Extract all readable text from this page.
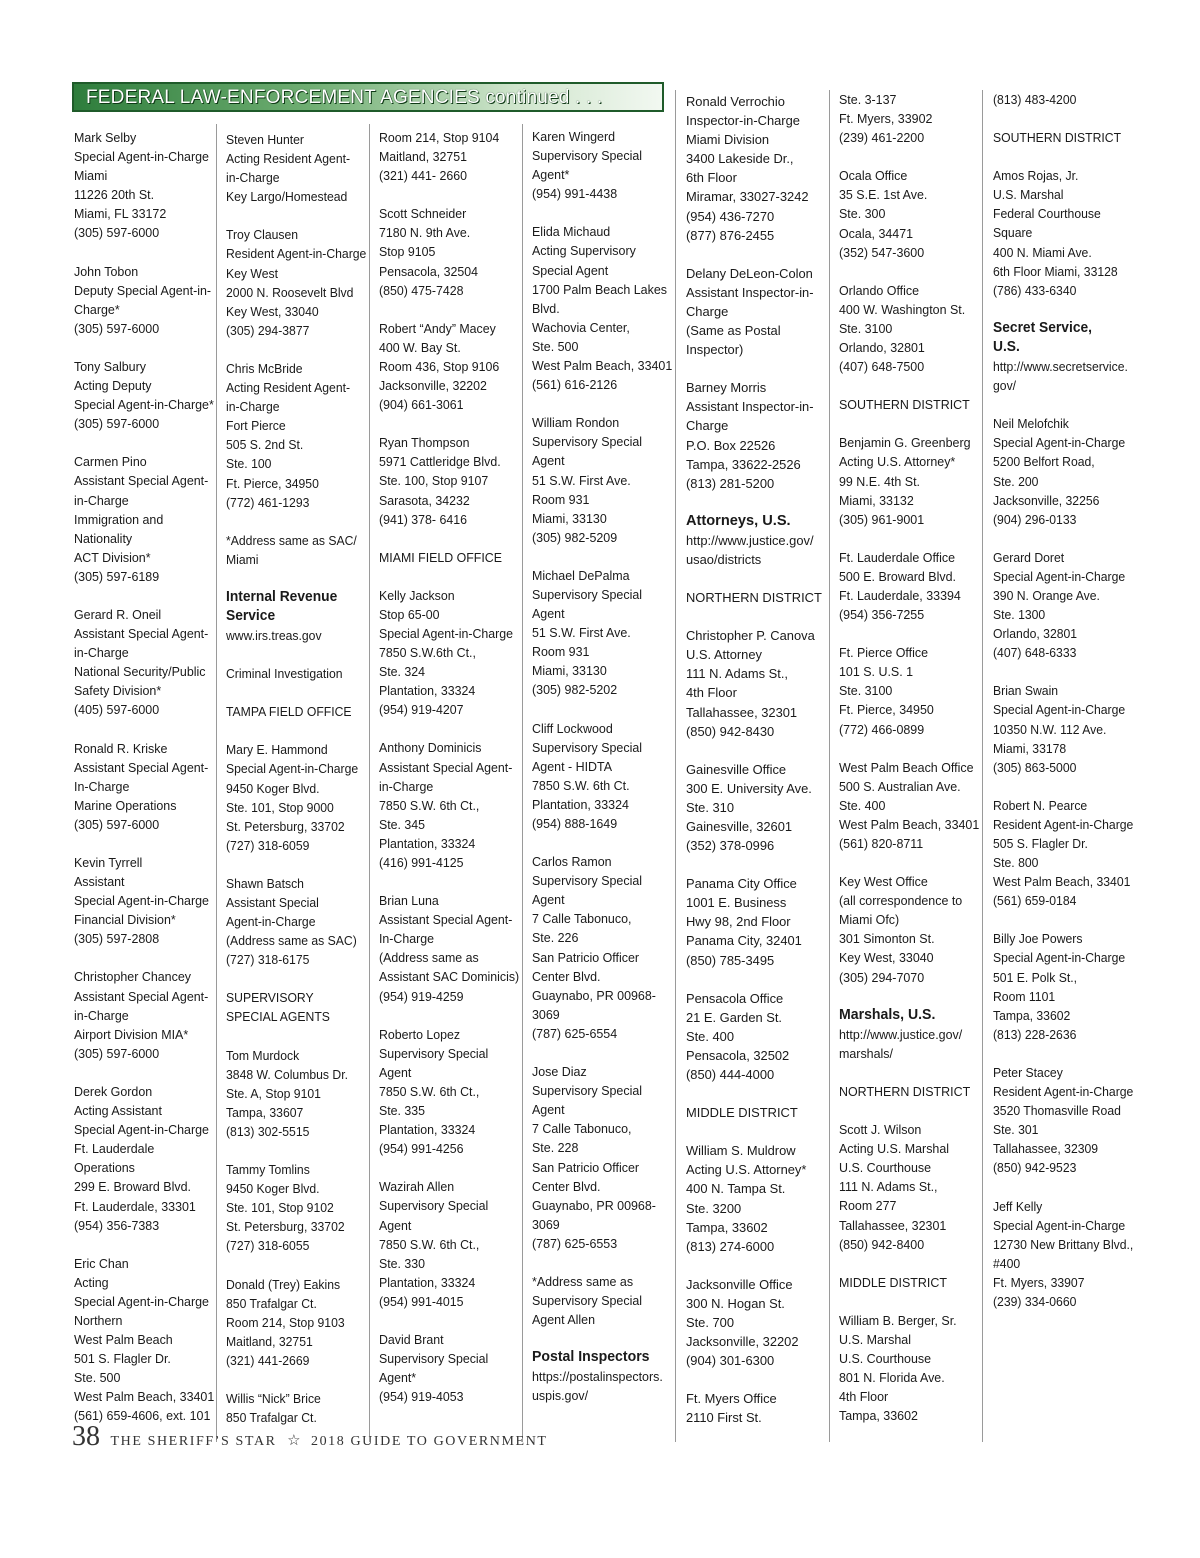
FEDERAL LAW-ENFORCEMENT AGENCIES continued . . .
Mark Selby
Special Agent-in-Charge
Miami
11226 20th St.
Miami, FL 33172
(305) 597-6000
John Tobon
Deputy Special Agent-in-
Charge*
(305) 597-6000
Tony Salbury
Acting Deputy
Special Agent-in-Charge*
(305) 597-6000
Carmen Pino
Assistant Special Agent-
in-Charge
Immigration and
Nationality
ACT Division*
(305) 597-6189
Gerard R. Oneil
Assistant Special Agent-
in-Charge
National Security/Public
Safety Division*
(405) 597-6000
Ronald R. Kriske
Assistant Special Agent-
In-Charge
Marine Operations
(305) 597-6000
Kevin Tyrrell
Assistant
Special Agent-in-Charge
Financial Division*
(305) 597-2808
Christopher Chancey
Assistant Special Agent-
in-Charge
Airport Division MIA*
(305) 597-6000
Derek Gordon
Acting Assistant
Special Agent-in-Charge
Ft. Lauderdale
Operations
299 E. Broward Blvd.
Ft. Lauderdale, 33301
(954) 356-7383
Eric Chan
Acting
Special Agent-in-Charge
Northern
West Palm Beach
501 S. Flagler Dr.
Ste. 500
West Palm Beach, 33401
(561) 659-4606, ext. 101
Steven Hunter
Acting Resident Agent-
in-Charge
Key Largo/Homestead
Troy Clausen
Resident Agent-in-Charge
Key West
2000 N. Roosevelt Blvd
Key West, 33040
(305) 294-3877
Chris McBride
Acting Resident Agent-
in-Charge
Fort Pierce
505 S. 2nd St.
Ste. 100
Ft. Pierce, 34950
(772) 461-1293
*Address same as SAC/
Miami
Internal Revenue
Service
www.irs.treas.gov
Criminal Investigation
TAMPA FIELD OFFICE
Mary E. Hammond
Special Agent-in-Charge
9450 Koger Blvd.
Ste. 101, Stop 9000
St. Petersburg, 33702
(727) 318-6059
Shawn Batsch
Assistant Special
Agent-in-Charge
(Address same as SAC)
(727) 318-6175
SUPERVISORY
SPECIAL AGENTS
Tom Murdock
3848 W. Columbus Dr.
Ste. A, Stop 9101
Tampa, 33607
(813) 302-5515
Tammy Tomlins
9450 Koger Blvd.
Ste. 101, Stop 9102
St. Petersburg, 33702
(727) 318-6055
Donald (Trey) Eakins
850 Trafalgar Ct.
Room 214, Stop 9103
Maitland, 32751
(321) 441-2669
Willis “Nick” Brice
850 Trafalgar Ct.
Room 214, Stop 9104
Maitland, 32751
(321) 441- 2660
Scott Schneider
7180 N. 9th Ave.
Stop 9105
Pensacola, 32504
(850) 475-7428
Robert “Andy” Macey
400 W. Bay St.
Room 436, Stop 9106
Jacksonville, 32202
(904) 661-3061
Ryan Thompson
5971 Cattleridge Blvd.
Ste. 100, Stop 9107
Sarasota, 34232
(941) 378- 6416
MIAMI FIELD OFFICE
Kelly Jackson
Stop 65-00
Special Agent-in-Charge
7850 S.W.6th Ct.,
Ste. 324
Plantation, 33324
(954) 919-4207
Anthony Dominicis
Assistant Special Agent-
in-Charge
7850 S.W. 6th Ct.,
Ste. 345
Plantation, 33324
(416) 991-4125
Brian Luna
Assistant Special Agent-
In-Charge
(Address same as
Assistant SAC Dominicis)
(954) 919-4259
Roberto Lopez
Supervisory Special
Agent
7850 S.W. 6th Ct.,
Ste. 335
Plantation, 33324
(954) 991-4256
Wazirah Allen
Supervisory Special
Agent
7850 S.W. 6th Ct.,
Ste. 330
Plantation, 33324
(954) 991-4015
David Brant
Supervisory Special
Agent*
(954) 919-4053
Karen Wingerd
Supervisory Special
Agent*
(954) 991-4438
Elida Michaud
Acting Supervisory
Special Agent
1700 Palm Beach Lakes
Blvd.
Wachovia Center,
Ste. 500
West Palm Beach, 33401
(561) 616-2126
William Rondon
Supervisory Special
Agent
51 S.W. First Ave.
Room 931
Miami, 33130
(305) 982-5209
Michael DePalma
Supervisory Special
Agent
51 S.W. First Ave.
Room 931
Miami, 33130
(305) 982-5202
Cliff Lockwood
Supervisory Special
Agent - HIDTA
7850 S.W. 6th Ct.
Plantation, 33324
(954) 888-1649
Carlos Ramon
Supervisory Special
Agent
7 Calle Tabonuco,
Ste. 226
San Patricio Officer
Center Blvd.
Guaynabo, PR 00968-
3069
(787) 625-6554
Jose Diaz
Supervisory Special
Agent
7 Calle Tabonuco,
Ste. 228
San Patricio Officer
Center Blvd.
Guaynabo, PR 00968-
3069
(787) 625-6553
*Address same as
Supervisory Special
Agent Allen
Postal Inspectors
https://postalinspectors.
uspis.gov/
Ronald Verrochio
Inspector-in-Charge
Miami Division
3400 Lakeside Dr.,
6th Floor
Miramar, 33027-3242
(954) 436-7270
(877) 876-2455
Delany DeLeon-Colon
Assistant Inspector-in-
Charge
(Same as Postal
Inspector)
Barney Morris
Assistant Inspector-in-
Charge
P.O. Box 22526
Tampa, 33622-2526
(813) 281-5200
Attorneys, U.S.
http://www.justice.gov/
usao/districts
NORTHERN DISTRICT
Christopher P. Canova
U.S. Attorney
111 N. Adams St.,
4th Floor
Tallahassee, 32301
(850) 942-8430
Gainesville Office
300 E. University Ave.
Ste. 310
Gainesville, 32601
(352) 378-0996
Panama City Office
1001 E. Business
Hwy 98, 2nd Floor
Panama City, 32401
(850) 785-3495
Pensacola Office
21 E. Garden St.
Ste. 400
Pensacola, 32502
(850) 444-4000
MIDDLE DISTRICT
William S. Muldrow
Acting U.S. Attorney*
400 N. Tampa St.
Ste. 3200
Tampa, 33602
(813) 274-6000
Jacksonville Office
300 N. Hogan St.
Ste. 700
Jacksonville, 32202
(904) 301-6300
Ft. Myers Office
2110 First St.
Ste. 3-137
Ft. Myers, 33902
(239) 461-2200
Ocala Office
35 S.E. 1st Ave.
Ste. 300
Ocala, 34471
(352) 547-3600
Orlando Office
400 W. Washington St.
Ste. 3100
Orlando, 32801
(407) 648-7500
SOUTHERN DISTRICT
Benjamin G. Greenberg
Acting U.S. Attorney*
99 N.E. 4th St.
Miami, 33132
(305) 961-9001
Ft. Lauderdale Office
500 E. Broward Blvd.
Ft. Lauderdale, 33394
(954) 356-7255
Ft. Pierce Office
101 S. U.S. 1
Ste. 3100
Ft. Pierce, 34950
(772) 466-0899
West Palm Beach Office
500 S. Australian Ave.
Ste. 400
West Palm Beach, 33401
(561) 820-8711
Key West Office
(all correspondence to
Miami Ofc)
301 Simonton St.
Key West, 33040
(305) 294-7070
Marshals, U.S.
http://www.justice.gov/
marshals/
NORTHERN DISTRICT
Scott J. Wilson
Acting U.S. Marshal
U.S. Courthouse
111 N. Adams St.,
Room 277
Tallahassee, 32301
(850) 942-8400
MIDDLE DISTRICT
William B. Berger, Sr.
U.S. Marshal
U.S. Courthouse
801 N. Florida Ave.
4th Floor
Tampa, 33602
(813) 483-4200
SOUTHERN DISTRICT
Amos Rojas, Jr.
U.S. Marshal
Federal Courthouse
Square
400 N. Miami Ave.
6th Floor Miami, 33128
(786) 433-6340
Secret Service,
U.S.
http://www.secretservice.
gov/
Neil Melofchik
Special Agent-in-Charge
5200 Belfort Road,
Ste. 200
Jacksonville, 32256
(904) 296-0133
Gerard Doret
Special Agent-in-Charge
390 N. Orange Ave.
Ste. 1300
Orlando, 32801
(407) 648-6333
Brian Swain
Special Agent-in-Charge
10350 N.W. 112 Ave.
Miami, 33178
(305) 863-5000
Robert N. Pearce
Resident Agent-in-Charge
505 S. Flagler Dr.
Ste. 800
West Palm Beach, 33401
(561) 659-0184
Billy Joe Powers
Special Agent-in-Charge
501 E. Polk St.,
Room 1101
Tampa, 33602
(813) 228-2636
Peter Stacey
Resident Agent-in-Charge
3520 Thomasville Road
Ste. 301
Tallahassee, 32309
(850) 942-9523
Jeff Kelly
Special Agent-in-Charge
12730 New Brittany Blvd.,
#400
Ft. Myers, 33907
(239) 334-0660
38 THE SHERIFF’S STAR ☆ 2018 GUIDE TO GOVERNMENT
